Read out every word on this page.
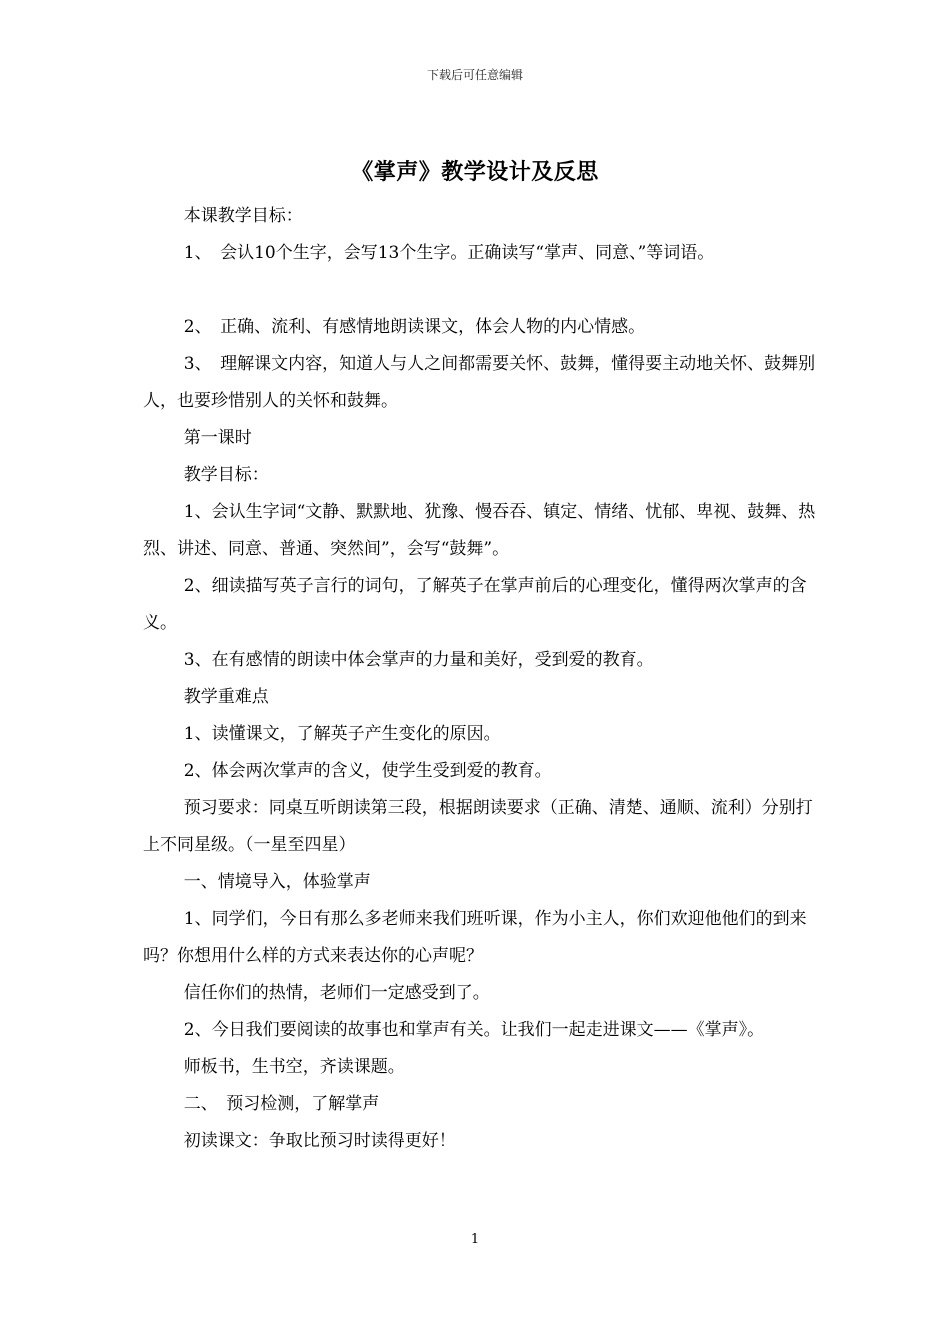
下载后可任意编辑
《掌声》教学设计及反思

本课教学目标：

1、　会认10个生字，会写13个生字。正确读写“掌声、同意、”等词语。

2、　正确、流利、有感情地朗读课文，体会人物的内心情感。

3、　理解课文内容，知道人与人之间都需要关怀、鼓舞，懂得要主动地关怀、鼓舞别人，也要珍惜别人的关怀和鼓舞。

第一课时

教学目标：

1、会认生字词“文静、默默地、犹豫、慢吞吞、镇定、情绪、忧郁、卑视、鼓舞、热烈、讲述、同意、普通、突然间”，会写“鼓舞”。

2、细读描写英子言行的词句，了解英子在掌声前后的心理变化，懂得两次掌声的含义。

3、在有感情的朗读中体会掌声的力量和美好，受到爱的教育。

教学重难点

1、读懂课文，了解英子产生变化的原因。

2、体会两次掌声的含义，使学生受到爱的教育。

预习要求：同桌互听朗读第三段，根据朗读要求（正确、清楚、通顺、流利）分别打上不同星级。（一星至四星）

一、情境导入，体验掌声

1、同学们，今日有那么多老师来我们班听课，作为小主人，你们欢迎他他们的到来吗？你想用什么样的方式来表达你的心声呢？

信任你们的热情，老师们一定感受到了。

2、今日我们要阅读的故事也和掌声有关。让我们一起走进课文——《掌声》。

师板书，生书空，齐读课题。

二、　预习检测，了解掌声

初读课文：争取比预习时读得更好！

1
